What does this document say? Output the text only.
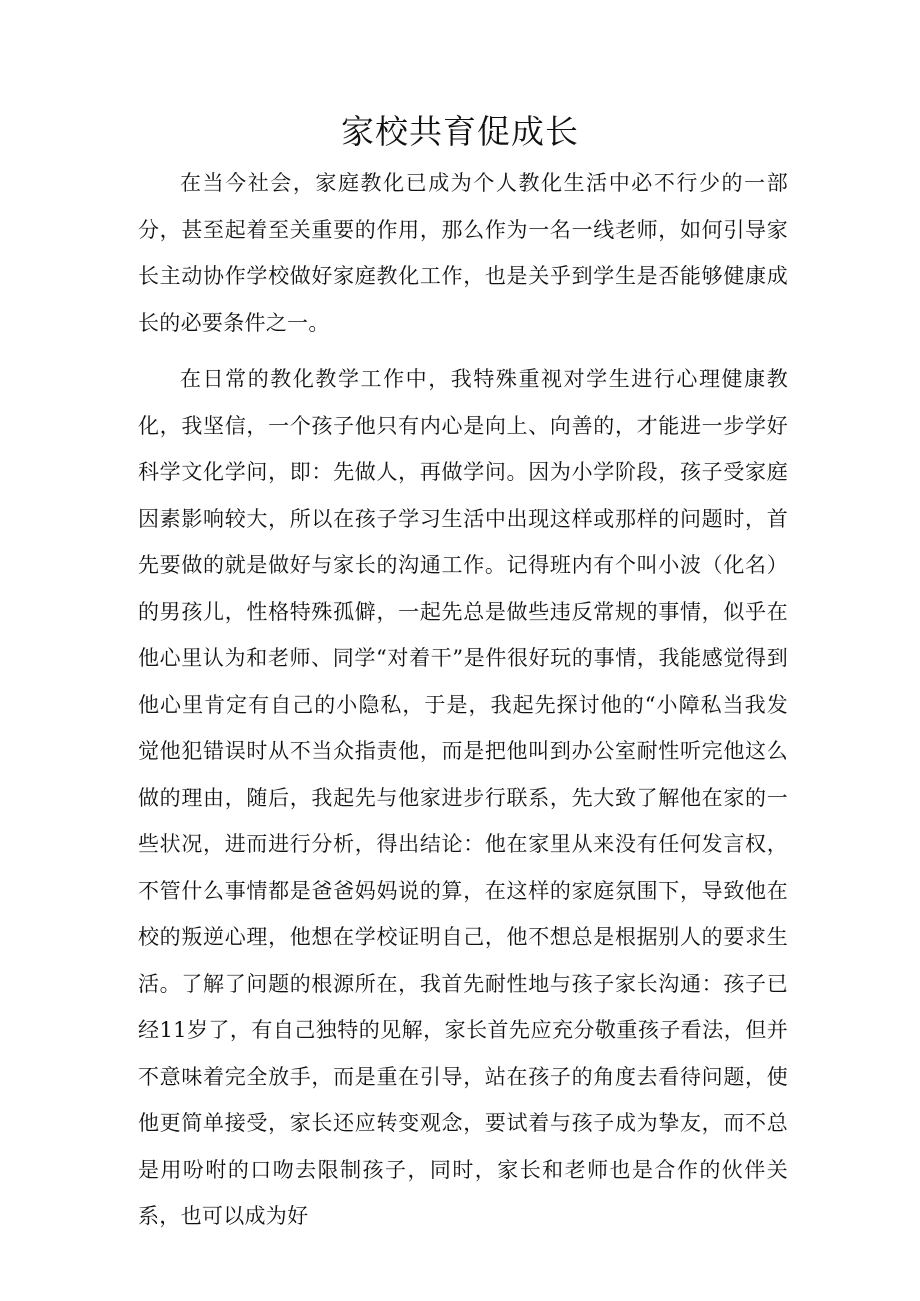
家校共育促成长

在当今社会，家庭教化已成为个人教化生活中必不行少的一部分，甚至起着至关重要的作用，那么作为一名一线老师，如何引导家长主动协作学校做好家庭教化工作，也是关乎到学生是否能够健康成长的必要条件之一。

在日常的教化教学工作中，我特殊重视对学生进行心理健康教化，我坚信，一个孩子他只有内心是向上、向善的，才能进一步学好科学文化学问，即：先做人，再做学问。因为小学阶段，孩子受家庭因素影响较大，所以在孩子学习生活中出现这样或那样的问题时，首先要做的就是做好与家长的沟通工作。记得班内有个叫小波（化名）的男孩儿，性格特殊孤僻，一起先总是做些违反常规的事情，似乎在他心里认为和老师、同学“对着干”是件很好玩的事情，我能感觉得到他心里肯定有自己的小隐私，于是，我起先探讨他的“小障私当我发觉他犯错误时从不当众指责他，而是把他叫到办公室耐性听完他这么做的理由，随后，我起先与他家进步行联系，先大致了解他在家的一些状况，进而进行分析，得出结论：他在家里从来没有任何发言权，不管什么事情都是爸爸妈妈说的算，在这样的家庭氛围下，导致他在校的叛逆心理，他想在学校证明自己，他不想总是根据别人的要求生活。了解了问题的根源所在，我首先耐性地与孩子家长沟通：孩子已经11岁了，有自己独特的见解，家长首先应充分敬重孩子看法，但并不意味着完全放手，而是重在引导，站在孩子的角度去看待问题，使他更简单接受，家长还应转变观念，要试着与孩子成为挚友，而不总是用吩咐的口吻去限制孩子，同时，家长和老师也是合作的伙伴关系，也可以成为好
